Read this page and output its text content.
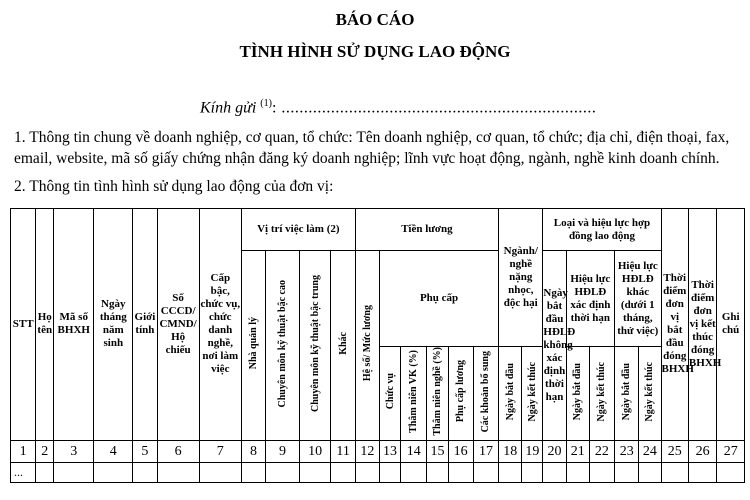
BÁO CÁO
TÌNH HÌNH SỬ DỤNG LAO ĐỘNG
Kính gửi $^{(1)}$: ......................................................................
1. Thông tin chung về doanh nghiệp, cơ quan, tổ chức: Tên doanh nghiệp, cơ quan, tổ chức; địa chỉ, điện thoại, fax, email, website, mã số giấy chứng nhận đăng ký doanh nghiệp; lĩnh vực hoạt động, ngành, nghề kinh doanh chính.
2. Thông tin tình hình sử dụng lao động của đơn vị:
STT	Họ tên	Mã số BHXH	Ngày tháng năm sinh	Giới tính	Số CCCD/ CMND/ Hộ chiếu	Cấp bậc, chức vụ, chức danh nghề, nơi làm việc	Vị trí việc làm (2)				Tiền lương						Ngành/ nghề nặng nhọc, độc hại		Loại và hiệu lực hợp đồng lao động					Thời điểm đơn vị bắt đầu đóng BHXH	Thời điểm đơn vị kết thúc đóng BHXH	Ghi chú
							Nhà quản lý	Chuyên môn kỹ thuật bậc cao	Chuyên môn kỹ thuật bậc trung	Khác	Hệ số/ Mức lương	Phụ cấp							Ngày bắt đầu HĐLĐ không xác định thời hạn	Hiệu lực HĐLĐ xác định thời hạn		Hiệu lực HĐLĐ khác (dưới 1 tháng, thử việc)				
												Chức vụ	Thâm niên VK (%)	Thâm niên nghề (%)	Phụ cấp lương	Các khoản bổ sung	Ngày bắt đầu	Ngày kết thúc		Ngày bắt đầu	Ngày kết thúc	Ngày bắt đầu	Ngày kết thúc			
1	2	3	4	5	6	7	8	9	10	11	12	13	14	15	16	17	18	19	20	21	22	23	24	25	26	27
...																										
